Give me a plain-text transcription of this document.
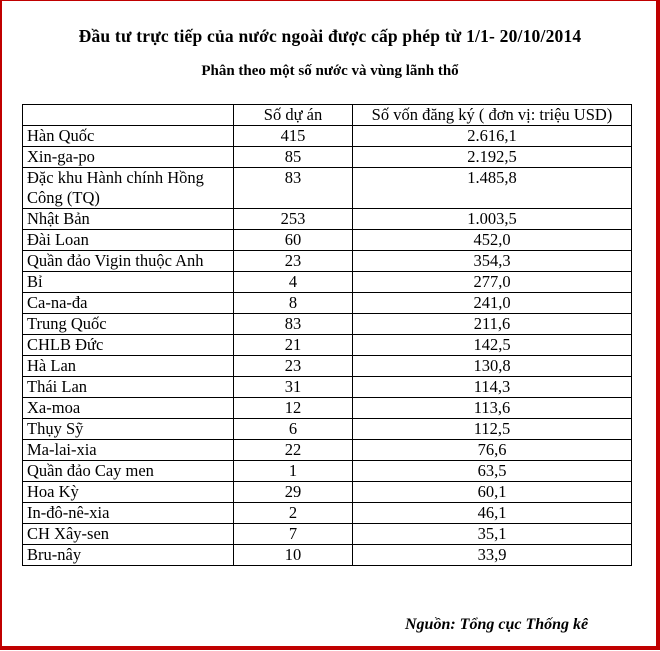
Đầu tư trực tiếp của nước ngoài được cấp phép từ 1/1- 20/10/2014
Phân theo một số nước và vùng lãnh thổ
	Số dự án	Số vốn đăng ký ( đơn vị: triệu USD)
Hàn Quốc	415	2.616,1
Xin-ga-po	85	2.192,5
Đặc khu Hành chính Hồng Công (TQ)	83	1.485,8
Nhật Bản	253	1.003,5
Đài Loan	60	452,0
Quần đảo Vigin thuộc Anh	23	354,3
Bỉ	4	277,0
Ca-na-đa	8	241,0
Trung Quốc	83	211,6
CHLB Đức	21	142,5
Hà Lan	23	130,8
Thái Lan	31	114,3
Xa-moa	12	113,6
Thụy Sỹ	6	112,5
Ma-lai-xia	22	76,6
Quần đảo Cay men	1	63,5
Hoa Kỳ	29	60,1
In-đô-nê-xia	2	46,1
CH Xây-sen	7	35,1
Bru-nây	10	33,9
Nguồn: Tổng cục Thống kê
